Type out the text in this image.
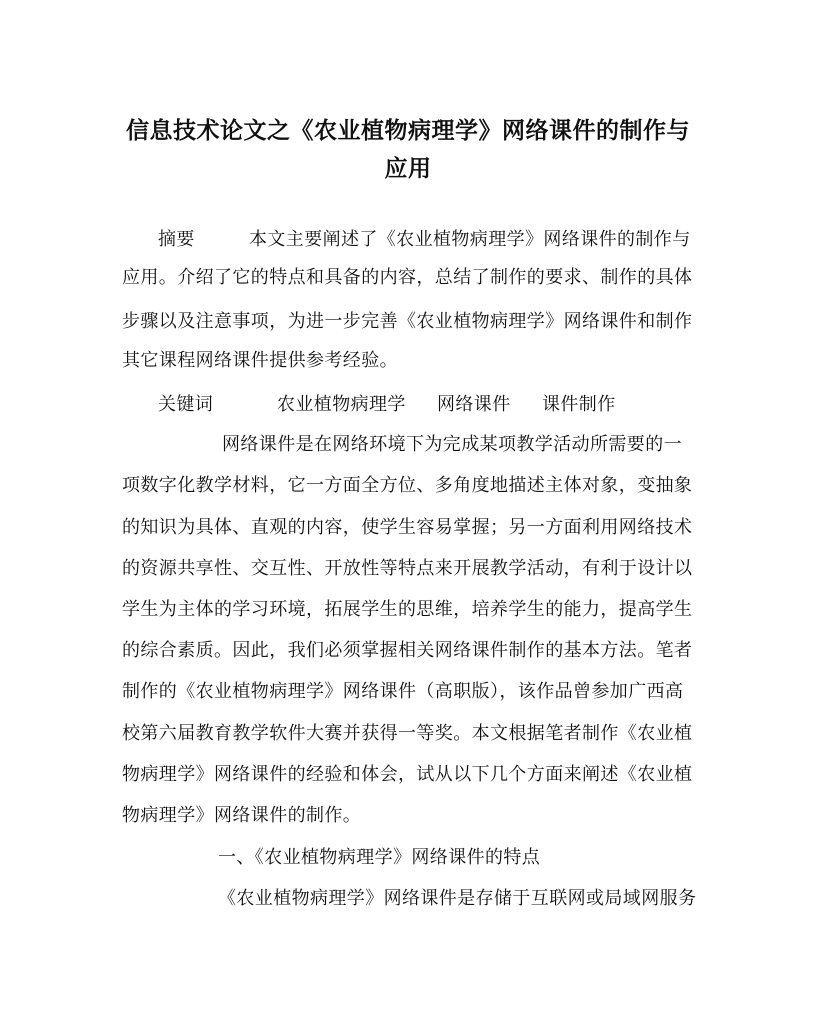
信息技术论文之《农业植物病理学》网络课件的制作与
应用
摘要	本文主要阐述了《农业植物病理学》网络课件的制作与
应用。介绍了它的特点和具备的内容，总结了制作的要求、制作的具体
步骤以及注意事项，为进一步完善《农业植物病理学》网络课件和制作
其它课程网络课件提供参考经验。
关键词	农业植物病理学 网络课件 课件制作
网络课件是在网络环境下为完成某项教学活动所需要的一
项数字化教学材料，它一方面全方位、多角度地描述主体对象，变抽象
的知识为具体、直观的内容，使学生容易掌握；另一方面利用网络技术
的资源共享性、交互性、开放性等特点来开展教学活动，有利于设计以
学生为主体的学习环境，拓展学生的思维，培养学生的能力，提高学生
的综合素质。因此，我们必须掌握相关网络课件制作的基本方法。笔者
制作的《农业植物病理学》网络课件（高职版），该作品曾参加广西高
校第六届教育教学软件大赛并获得一等奖。本文根据笔者制作《农业植
物病理学》网络课件的经验和体会，试从以下几个方面来阐述《农业植
物病理学》网络课件的制作。
一、《农业植物病理学》网络课件的特点
《农业植物病理学》网络课件是存储于互联网或局域网服务
